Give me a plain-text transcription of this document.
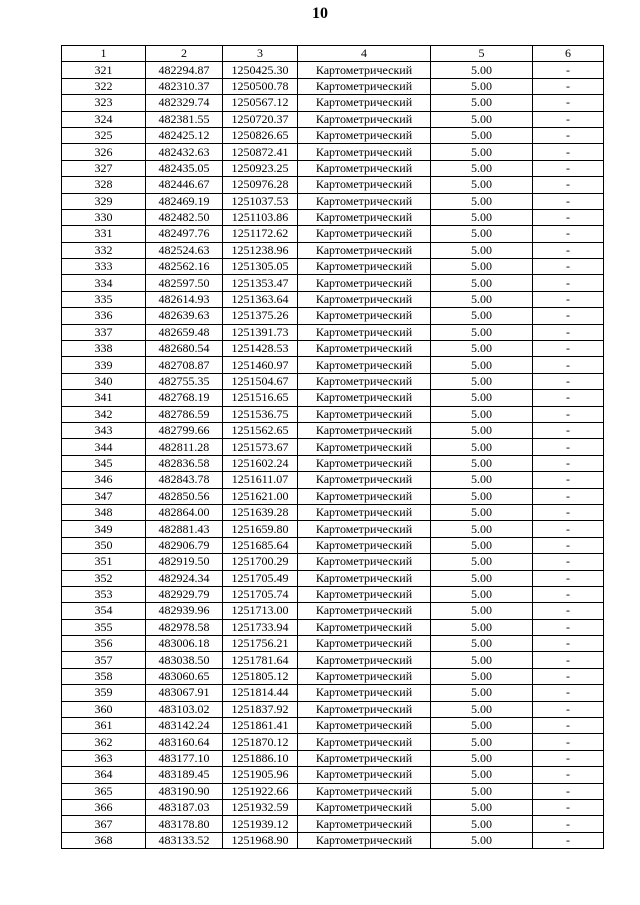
10
1	2	3	4	5	6
321	482294.87	1250425.30	Картометрический	5.00	-
322	482310.37	1250500.78	Картометрический	5.00	-
323	482329.74	1250567.12	Картометрический	5.00	-
324	482381.55	1250720.37	Картометрический	5.00	-
325	482425.12	1250826.65	Картометрический	5.00	-
326	482432.63	1250872.41	Картометрический	5.00	-
327	482435.05	1250923.25	Картометрический	5.00	-
328	482446.67	1250976.28	Картометрический	5.00	-
329	482469.19	1251037.53	Картометрический	5.00	-
330	482482.50	1251103.86	Картометрический	5.00	-
331	482497.76	1251172.62	Картометрический	5.00	-
332	482524.63	1251238.96	Картометрический	5.00	-
333	482562.16	1251305.05	Картометрический	5.00	-
334	482597.50	1251353.47	Картометрический	5.00	-
335	482614.93	1251363.64	Картометрический	5.00	-
336	482639.63	1251375.26	Картометрический	5.00	-
337	482659.48	1251391.73	Картометрический	5.00	-
338	482680.54	1251428.53	Картометрический	5.00	-
339	482708.87	1251460.97	Картометрический	5.00	-
340	482755.35	1251504.67	Картометрический	5.00	-
341	482768.19	1251516.65	Картометрический	5.00	-
342	482786.59	1251536.75	Картометрический	5.00	-
343	482799.66	1251562.65	Картометрический	5.00	-
344	482811.28	1251573.67	Картометрический	5.00	-
345	482836.58	1251602.24	Картометрический	5.00	-
346	482843.78	1251611.07	Картометрический	5.00	-
347	482850.56	1251621.00	Картометрический	5.00	-
348	482864.00	1251639.28	Картометрический	5.00	-
349	482881.43	1251659.80	Картометрический	5.00	-
350	482906.79	1251685.64	Картометрический	5.00	-
351	482919.50	1251700.29	Картометрический	5.00	-
352	482924.34	1251705.49	Картометрический	5.00	-
353	482929.79	1251705.74	Картометрический	5.00	-
354	482939.96	1251713.00	Картометрический	5.00	-
355	482978.58	1251733.94	Картометрический	5.00	-
356	483006.18	1251756.21	Картометрический	5.00	-
357	483038.50	1251781.64	Картометрический	5.00	-
358	483060.65	1251805.12	Картометрический	5.00	-
359	483067.91	1251814.44	Картометрический	5.00	-
360	483103.02	1251837.92	Картометрический	5.00	-
361	483142.24	1251861.41	Картометрический	5.00	-
362	483160.64	1251870.12	Картометрический	5.00	-
363	483177.10	1251886.10	Картометрический	5.00	-
364	483189.45	1251905.96	Картометрический	5.00	-
365	483190.90	1251922.66	Картометрический	5.00	-
366	483187.03	1251932.59	Картометрический	5.00	-
367	483178.80	1251939.12	Картометрический	5.00	-
368	483133.52	1251968.90	Картометрический	5.00	-
